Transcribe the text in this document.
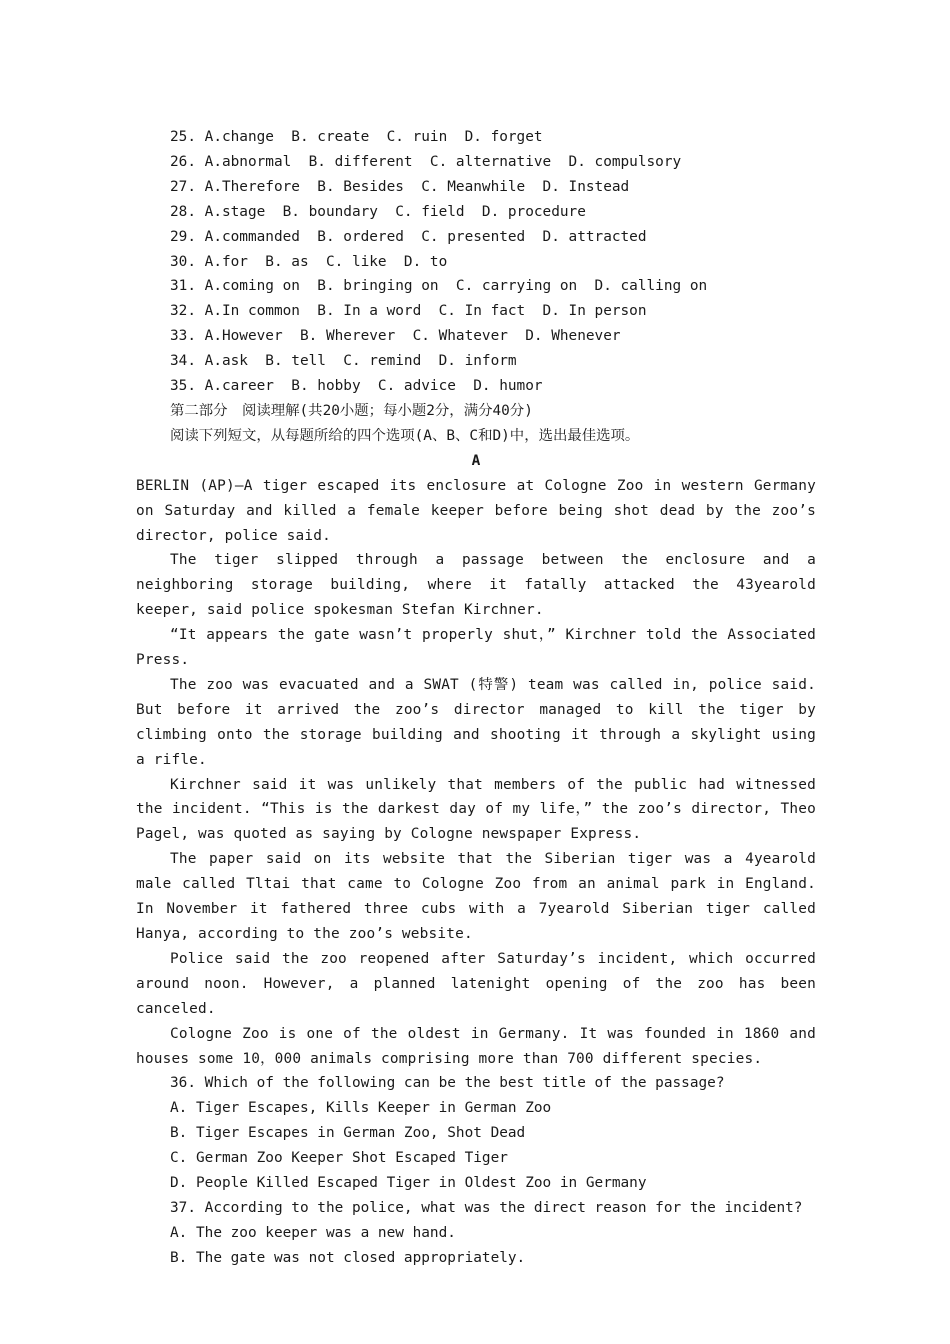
25. A.change  B. create  C. ruin  D. forget
26. A.abnormal  B. different  C. alternative  D. compulsory
27. A.Therefore  B. Besides  C. Meanwhile  D. Instead
28. A.stage  B. boundary  C. field  D. procedure
29. A.commanded  B. ordered  C. presented  D. attracted
30. A.for  B. as  C. like  D. to
31. A.coming on  B. bringing on  C. carrying on  D. calling on
32. A.In common  B. In a word  C. In fact  D. In person
33. A.However  B. Wherever  C. Whatever  D. Whenever
34. A.ask  B. tell  C. remind  D. inform
35. A.career  B. hobby  C. advice  D. humor
第二部分　阅读理解(共20小题；每小题2分，满分40分)
阅读下列短文，从每题所给的四个选项(A、B、C和D)中，选出最佳选项。
A
BERLIN (AP)—A tiger escaped its enclosure at Cologne Zoo in western Germany on Saturday and killed a female keeper before being shot dead by the zoo’s director, police said.
The tiger slipped through a passage between the enclosure and a neighboring storage building, where it fatally attacked the 43yearold keeper, said police spokesman Stefan Kirchner.
“It appears the gate wasn’t properly shut，” Kirchner told the Associated Press.
The zoo was evacuated and a SWAT (特警) team was called in, police said. But before it arrived the zoo’s director managed to kill the tiger by climbing onto the storage building and shooting it through a skylight using a rifle.
Kirchner said it was unlikely that members of the public had witnessed the incident. “This is the darkest day of my life，” the zoo’s director, Theo Pagel, was quoted as saying by Cologne newspaper Express.
The paper said on its website that the Siberian tiger was a 4yearold male called Tltai that came to Cologne Zoo from an animal park in England. In November it fathered three cubs with a 7yearold Siberian tiger called Hanya, according to the zoo’s website.
Police said the zoo reopened after Saturday’s incident, which occurred around noon. However, a planned latenight opening of the zoo has been canceled.
Cologne Zoo is one of the oldest in Germany. It was founded in 1860 and houses some 10，000 animals comprising more than 700 different species.
36. Which of the following can be the best title of the passage?
A. Tiger Escapes, Kills Keeper in German Zoo
B. Tiger Escapes in German Zoo, Shot Dead
C. German Zoo Keeper Shot Escaped Tiger
D. People Killed Escaped Tiger in Oldest Zoo in Germany
37. According to the police, what was the direct reason for the incident?
A. The zoo keeper was a new hand.
B. The gate was not closed appropriately.
